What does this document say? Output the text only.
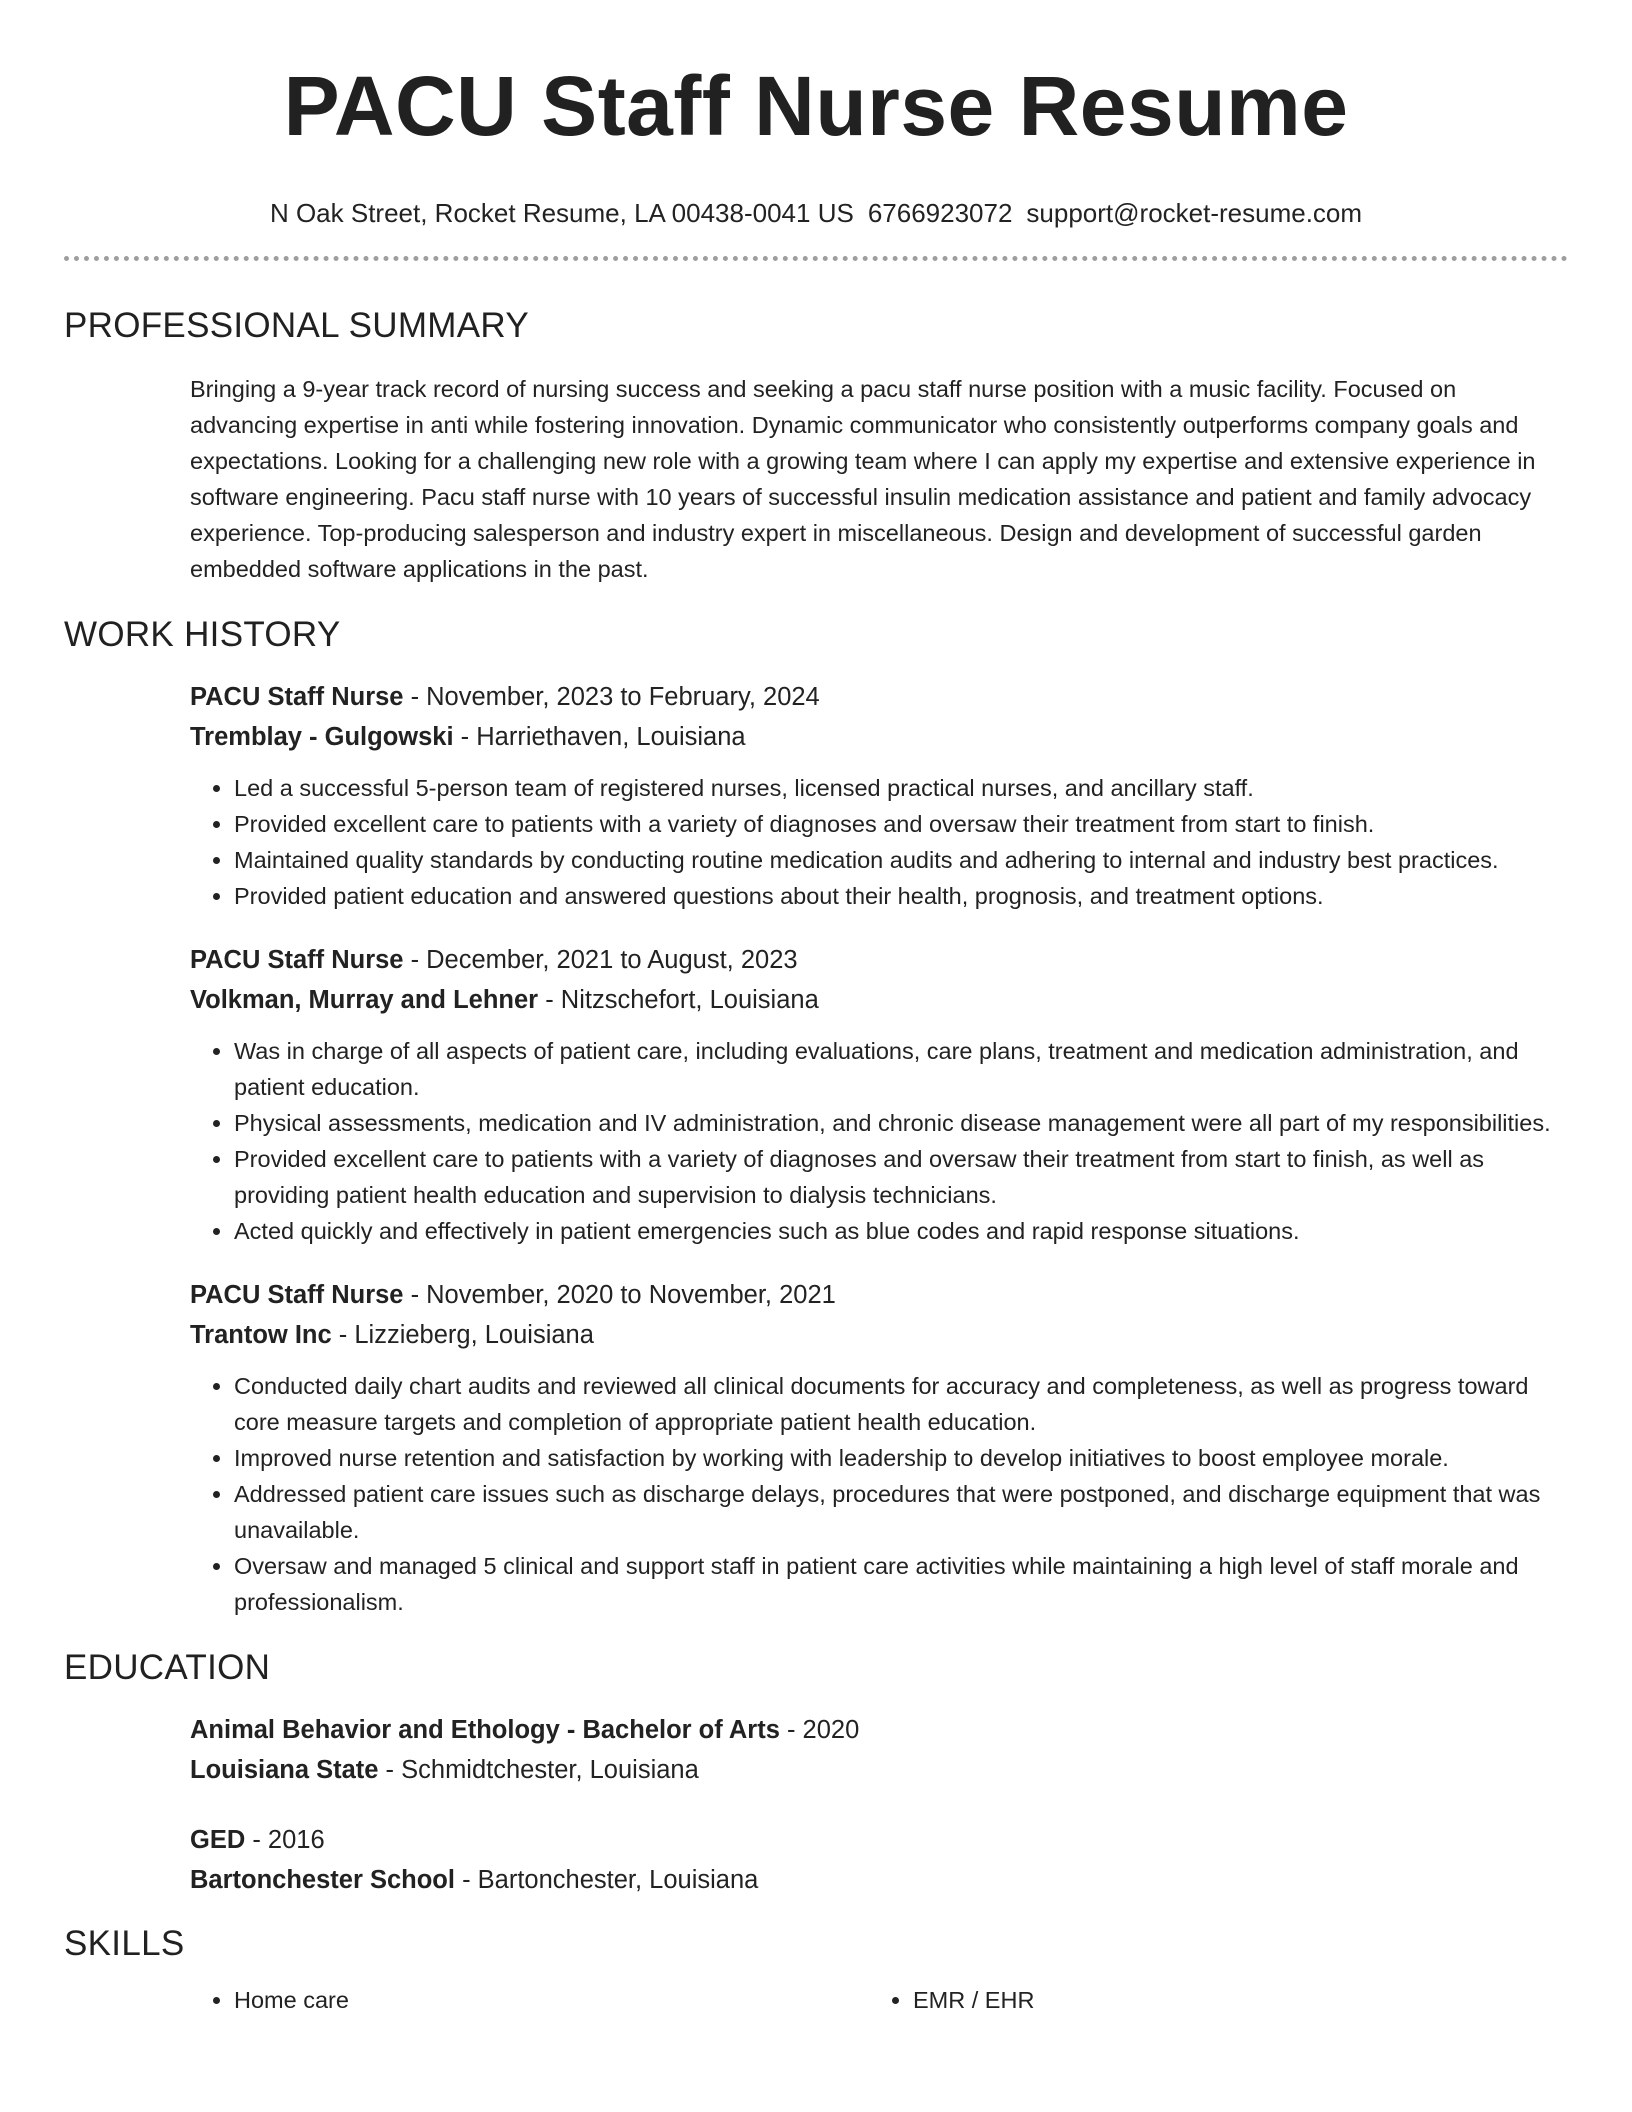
PACU Staff Nurse Resume
N Oak Street, Rocket Resume, LA 00438-0041 US 6766923072 support@rocket-resume.com
PROFESSIONAL SUMMARY

Bringing a 9-year track record of nursing success and seeking a pacu staff nurse position with a music facility. Focused on advancing expertise in anti while fostering innovation. Dynamic communicator who consistently outperforms company goals and expectations. Looking for a challenging new role with a growing team where I can apply my expertise and extensive experience in software engineering. Pacu staff nurse with 10 years of successful insulin medication assistance and patient and family advocacy experience. Top-producing salesperson and industry expert in miscellaneous. Design and development of successful garden embedded software applications in the past.

WORK HISTORY
PACU Staff Nurse - November, 2023 to February, 2024
Tremblay - Gulgowski - Harriethaven, Louisiana
• Led a successful 5-person team of registered nurses, licensed practical nurses, and ancillary staff.
• Provided excellent care to patients with a variety of diagnoses and oversaw their treatment from start to finish.
• Maintained quality standards by conducting routine medication audits and adhering to internal and industry best practices.
• Provided patient education and answered questions about their health, prognosis, and treatment options.
PACU Staff Nurse - December, 2021 to August, 2023
Volkman, Murray and Lehner - Nitzschefort, Louisiana
• Was in charge of all aspects of patient care, including evaluations, care plans, treatment and medication administration, and patient education.
• Physical assessments, medication and IV administration, and chronic disease management were all part of my responsibilities.
• Provided excellent care to patients with a variety of diagnoses and oversaw their treatment from start to finish, as well as providing patient health education and supervision to dialysis technicians.
• Acted quickly and effectively in patient emergencies such as blue codes and rapid response situations.
PACU Staff Nurse - November, 2020 to November, 2021
Trantow Inc - Lizzieberg, Louisiana
• Conducted daily chart audits and reviewed all clinical documents for accuracy and completeness, as well as progress toward core measure targets and completion of appropriate patient health education.
• Improved nurse retention and satisfaction by working with leadership to develop initiatives to boost employee morale.
• Addressed patient care issues such as discharge delays, procedures that were postponed, and discharge equipment that was unavailable.
• Oversaw and managed 5 clinical and support staff in patient care activities while maintaining a high level of staff morale and professionalism.
EDUCATION
Animal Behavior and Ethology - Bachelor of Arts - 2020
Louisiana State - Schmidtchester, Louisiana
GED - 2016
Bartonchester School - Bartonchester, Louisiana
SKILLS
• Home care
•	EMR / EHR
